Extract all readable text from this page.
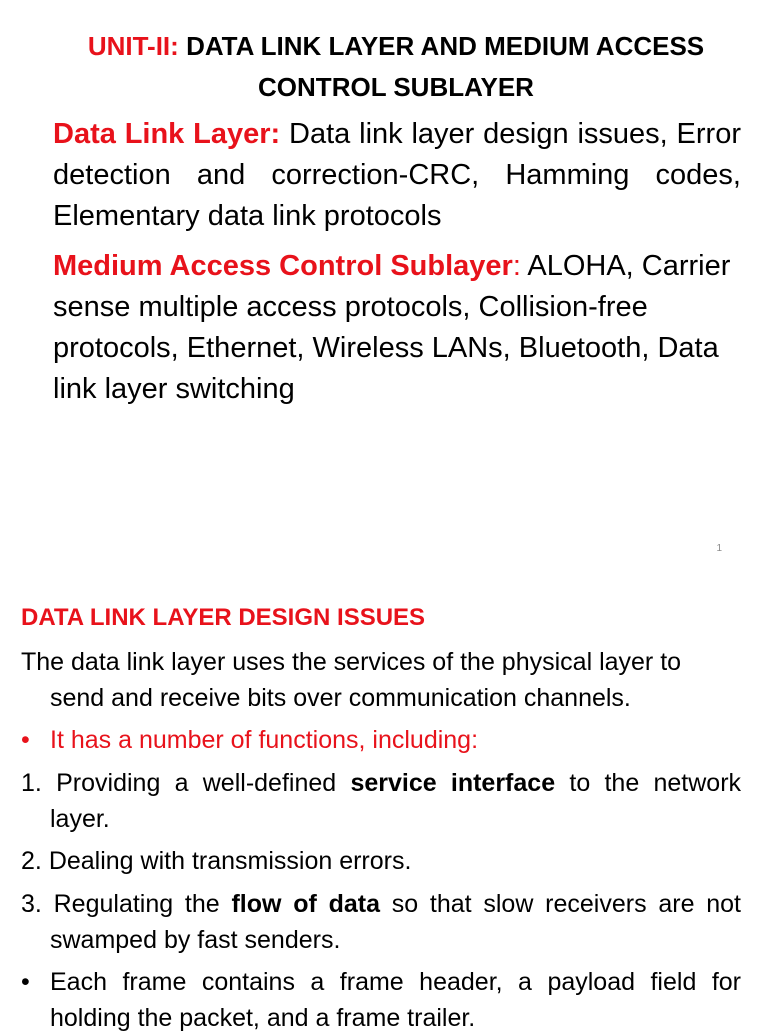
UNIT-II: DATA LINK LAYER AND MEDIUM ACCESS CONTROL SUBLAYER
Data Link Layer: Data link layer design issues, Error detection and correction-CRC, Hamming codes, Elementary data link protocols
Medium Access Control Sublayer: ALOHA, Carrier sense multiple access protocols, Collision-free protocols, Ethernet, Wireless LANs, Bluetooth, Data link layer switching
1
DATA LINK LAYER DESIGN ISSUES
The data link layer uses the services of the physical layer to send and receive bits over communication channels.
• It has a number of functions, including:
1. Providing a well-defined service interface to the network layer.
2. Dealing with transmission errors.
3. Regulating the flow of data so that slow receivers are not swamped by fast senders.
• Each frame contains a frame header, a payload field for holding the packet, and a frame trailer.
